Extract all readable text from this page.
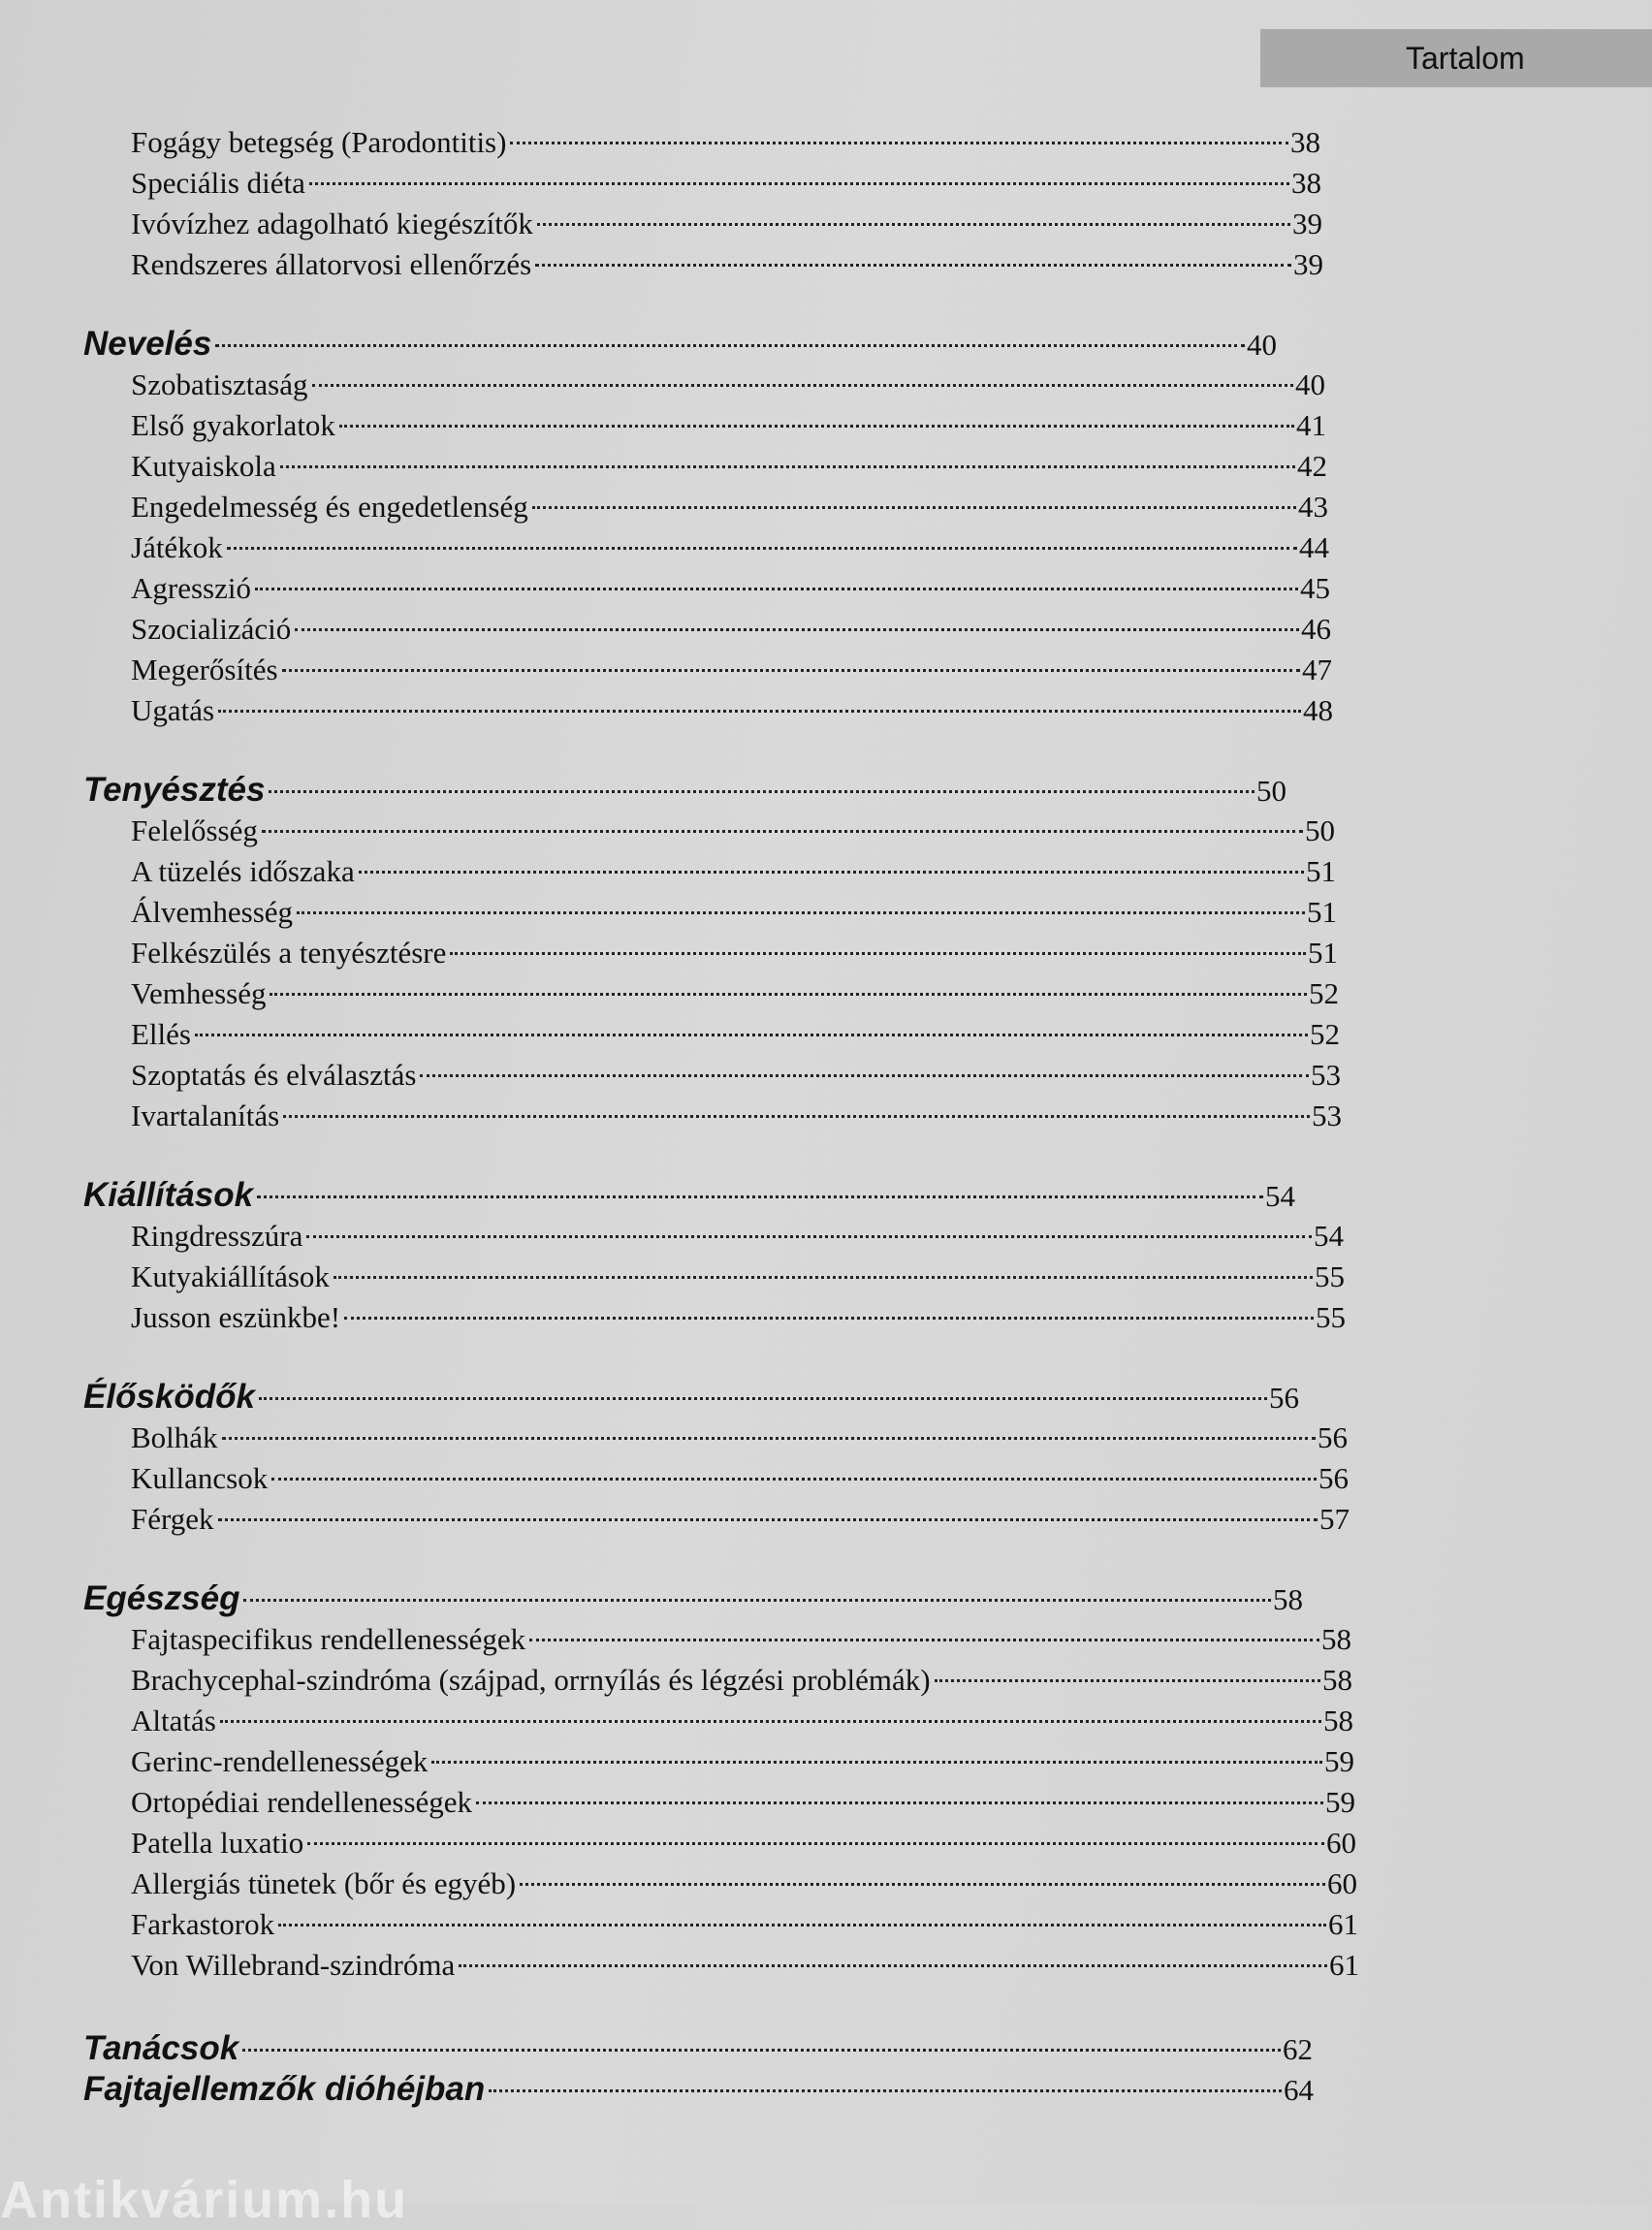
Tartalom
Fogágy betegség (Parodontitis)	38
Speciális diéta	38
Ivóvízhez adagolható kiegészítők	39
Rendszeres állatorvosi ellenőrzés	39
Nevelés	40
Szobatisztaság	40
Első gyakorlatok	41
Kutyaiskola	42
Engedelmesség és engedetlenség	43
Játékok	44
Agresszió	45
Szocializáció	46
Megerősítés	47
Ugatás	48
Tenyésztés	50
Felelősség	50
A tüzelés időszaka	51
Álvemhesség	51
Felkészülés a tenyésztésre	51
Vemhesség	52
Ellés	52
Szoptatás és elválasztás	53
Ivartalanítás	53
Kiállítások	54
Ringdresszúra	54
Kutyakiállítások	55
Jusson eszünkbe!	55
Élősködők	56
Bolhák	56
Kullancsok	56
Férgek	57
Egészség	58
Fajtaspecifikus rendellenességek	58
Brachycephal-szindróma (szájpad, orrnyílás és légzési problémák)	58
Altatás	58
Gerinc-rendellenességek	59
Ortopédiai rendellenességek	59
Patella luxatio	60
Allergiás tünetek (bőr és egyéb)	60
Farkastorok	61
Von Willebrand-szindróma	61
Tanácsok	62
Fajtajellemzők dióhéjban	64
Antikvárium.hu
